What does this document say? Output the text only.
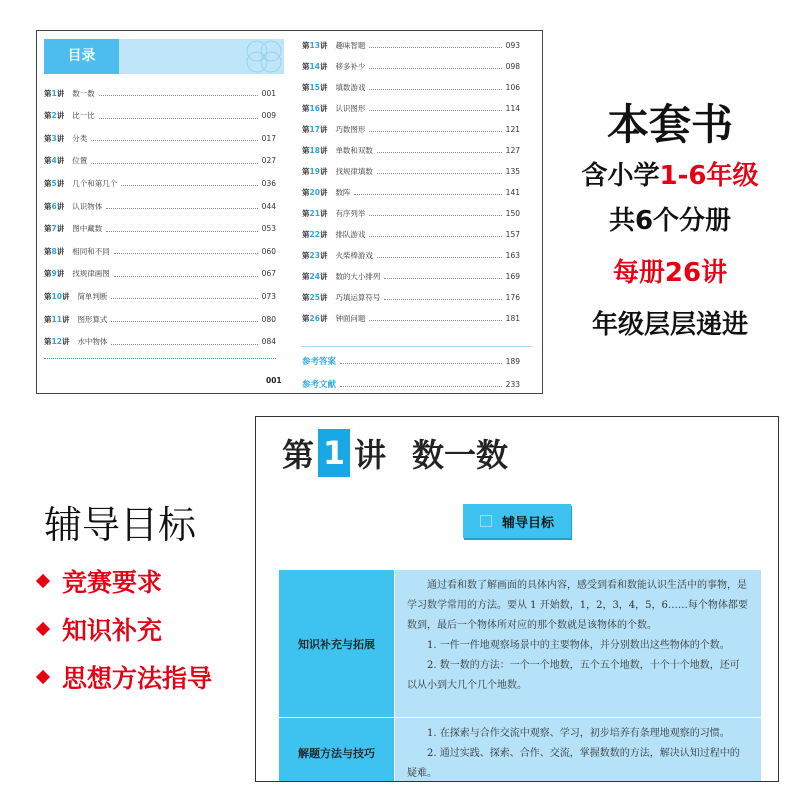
目录
第1讲 数一数	001
第2讲 比一比	009
第3讲 分类	017
第4讲 位置	027
第5讲 几个和第几个	036
第6讲 认识物体	044
第7讲 图中藏数	053
第8讲 相同和不同	060
第9讲 找规律画图	067
第10讲 简单判断	073
第11讲 图形算式	080
第12讲 水中物体	084
第13讲 趣味智题	093
第14讲 移多补少	098
第15讲 填数游戏	106
第16讲 认识图形	114
第17讲 巧数图形	121
第18讲 单数和双数	127
第19讲 找规律填数	135
第20讲 数阵	141
第21讲 有序列举	150
第22讲 排队游戏	157
第23讲 火柴棒游戏	163
第24讲 数的大小排列	169
第25讲 巧填运算符号	176
第26讲 钟面问题	181
参考答案	189
参考文献	233
001
本套书
含小学1-6年级
共6个分册
每册26讲
年级层层递进
辅导目标
竞赛要求
知识补充
思想方法指导
第 1 讲 数一数
辅导目标
知识补充与拓展

通过看和数了解画面的具体内容，感受到看和数能认识生活中的事物，是学习数学常用的方法。要从 1 开始数，1，2，3，4，5，6……每个物体都要数到，最后一个物体所对应的那个数就是该物体的个数。

1. 一件一件地观察场景中的主要物体，并分别数出这些物体的个数。

2. 数一数的方法：一个一个地数，五个五个地数，十个十个地数，还可以从小到大几个几个地数。

解题方法与技巧

1. 在探索与合作交流中观察、学习，初步培养有条理地观察的习惯。

2. 通过实践、探索、合作、交流，掌握数数的方法，解决认知过程中的疑难。
